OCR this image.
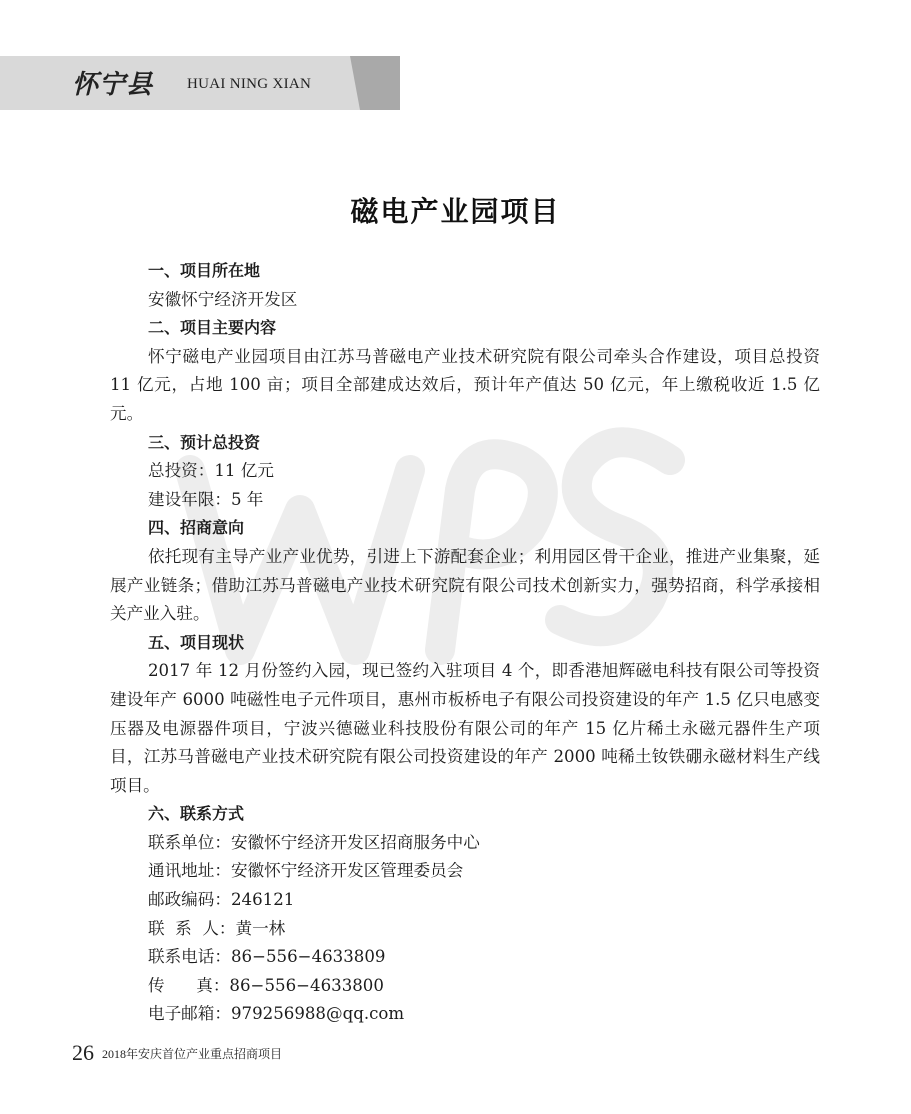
怀宁县 HUAI NING XIAN
磁电产业园项目

一、项目所在地

安徽怀宁经济开发区

二、项目主要内容

怀宁磁电产业园项目由江苏马普磁电产业技术研究院有限公司牵头合作建设，项目总投资 11 亿元，占地 100 亩；项目全部建成达效后，预计年产值达 50 亿元，年上缴税收近 1.5 亿元。

三、预计总投资

总投资：11 亿元

建设年限：5 年

四、招商意向

依托现有主导产业产业优势，引进上下游配套企业；利用园区骨干企业，推进产业集聚，延展产业链条；借助江苏马普磁电产业技术研究院有限公司技术创新实力，强势招商，科学承接相关产业入驻。

五、项目现状

2017 年 12 月份签约入园，现已签约入驻项目 4 个，即香港旭辉磁电科技有限公司等投资建设年产 6000 吨磁性电子元件项目，惠州市板桥电子有限公司投资建设的年产 1.5 亿只电感变压器及电源器件项目，宁波兴德磁业科技股份有限公司的年产 15 亿片稀土永磁元器件生产项目，江苏马普磁电产业技术研究院有限公司投资建设的年产 2000 吨稀土钕铁硼永磁材料生产线项目。

六、联系方式

联系单位：安徽怀宁经济开发区招商服务中心

通讯地址：安徽怀宁经济开发区管理委员会

邮政编码：246121

联  系  人：黄一林

联系电话：86−556−4633809

传      真：86−556−4633800

电子邮箱：979256988@qq.com

26 2018年安庆首位产业重点招商项目
